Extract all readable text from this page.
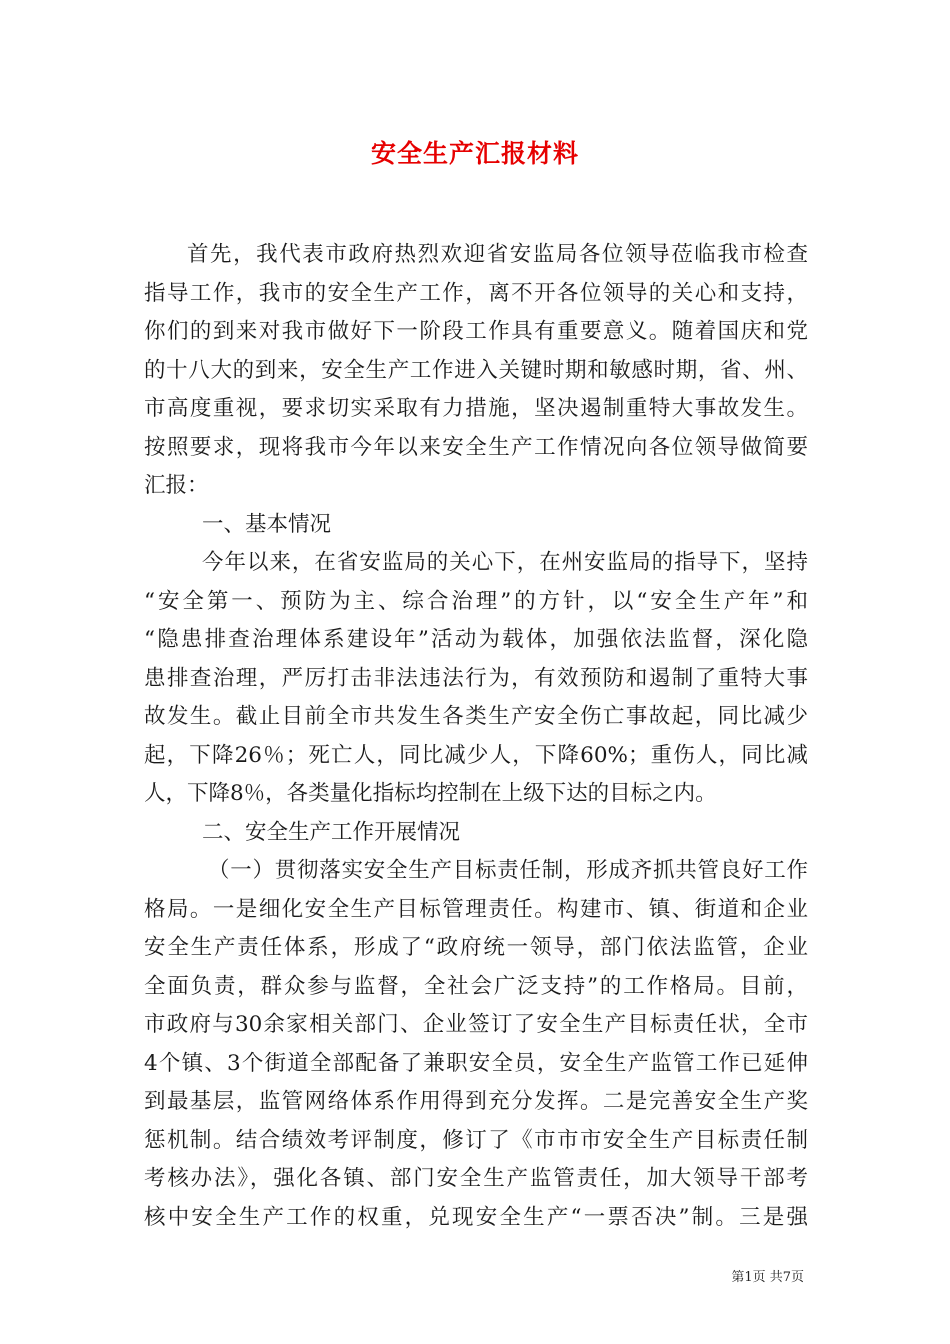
安全生产汇报材料
首先，我代表市政府热烈欢迎省安监局各位领导莅临我市检查
指导工作，我市的安全生产工作，离不开各位领导的关心和支持，
你们的到来对我市做好下一阶段工作具有重要意义。随着国庆和党
的十八大的到来，安全生产工作进入关键时期和敏感时期，省、州、
市高度重视，要求切实采取有力措施，坚决遏制重特大事故发生。
按照要求，现将我市今年以来安全生产工作情况向各位领导做简要
汇报：
一、基本情况
今年以来，在省安监局的关心下，在州安监局的指导下，坚持
“安全第一、预防为主、综合治理”的方针，以“安全生产年”和
“隐患排查治理体系建设年”活动为载体，加强依法监督，深化隐
患排查治理，严厉打击非法违法行为，有效预防和遏制了重特大事
故发生。截止目前全市共发生各类生产安全伤亡事故起，同比减少
起，下降26％；死亡人，同比减少人，下降60%；重伤人，同比减
人，下降8％，各类量化指标均控制在上级下达的目标之内。
二、安全生产工作开展情况
（一）贯彻落实安全生产目标责任制，形成齐抓共管良好工作
格局。一是细化安全生产目标管理责任。构建市、镇、街道和企业
安全生产责任体系，形成了“政府统一领导，部门依法监管，企业
全面负责，群众参与监督，全社会广泛支持”的工作格局。目前，
市政府与30余家相关部门、企业签订了安全生产目标责任状，全市
4个镇、3个街道全部配备了兼职安全员，安全生产监管工作已延伸
到最基层，监管网络体系作用得到充分发挥。二是完善安全生产奖
惩机制。结合绩效考评制度，修订了《市市市安全生产目标责任制
考核办法》，强化各镇、部门安全生产监管责任，加大领导干部考
核中安全生产工作的权重，兑现安全生产“一票否决”制。三是强
第1页 共7页
